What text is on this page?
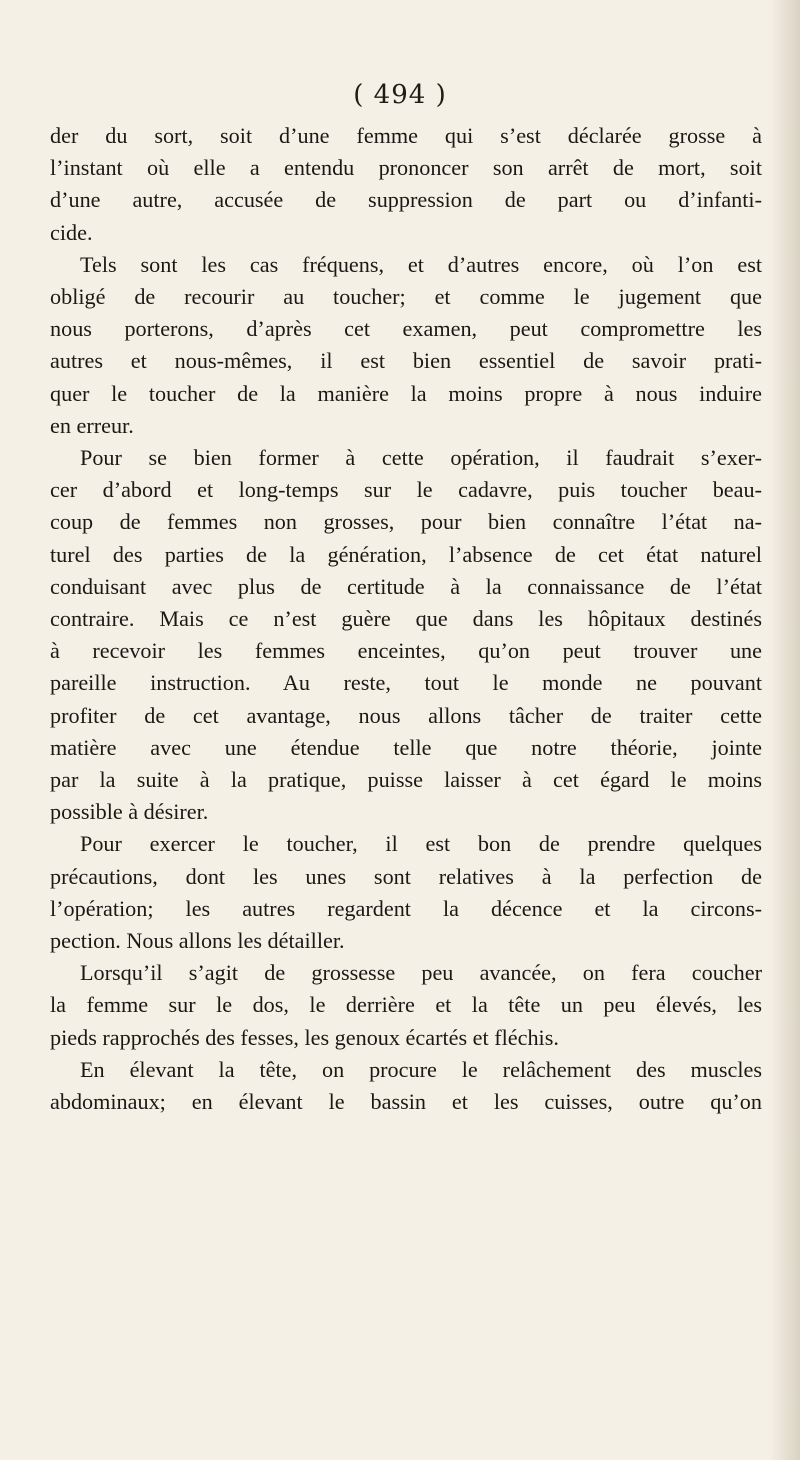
( 494 )
der du sort, soit d’une femme qui s’est déclarée grosse à
l’instant où elle a entendu prononcer son arrêt de mort, soit
d’une autre, accusée de suppression de part ou d’infanti-
cide.
Tels sont les cas fréquens, et d’autres encore, où l’on est
obligé de recourir au toucher; et comme le jugement que
nous porterons, d’après cet examen, peut compromettre les
autres et nous-mêmes, il est bien essentiel de savoir prati-
quer le toucher de la manière la moins propre à nous induire
en erreur.
Pour se bien former à cette opération, il faudrait s’exer-
cer d’abord et long-temps sur le cadavre, puis toucher beau-
coup de femmes non grosses, pour bien connaître l’état na-
turel des parties de la génération, l’absence de cet état naturel
conduisant avec plus de certitude à la connaissance de l’état
contraire. Mais ce n’est guère que dans les hôpitaux destinés
à recevoir les femmes enceintes, qu’on peut trouver une
pareille instruction. Au reste, tout le monde ne pouvant
profiter de cet avantage, nous allons tâcher de traiter cette
matière avec une étendue telle que notre théorie, jointe
par la suite à la pratique, puisse laisser à cet égard le moins
possible à désirer.
Pour exercer le toucher, il est bon de prendre quelques
précautions, dont les unes sont relatives à la perfection de
l’opération; les autres regardent la décence et la circons-
pection. Nous allons les détailler.
Lorsqu’il s’agit de grossesse peu avancée, on fera coucher
la femme sur le dos, le derrière et la tête un peu élevés, les
pieds rapprochés des fesses, les genoux écartés et fléchis.
En élevant la tête, on procure le relâchement des muscles
abdominaux; en élevant le bassin et les cuisses, outre qu’on
